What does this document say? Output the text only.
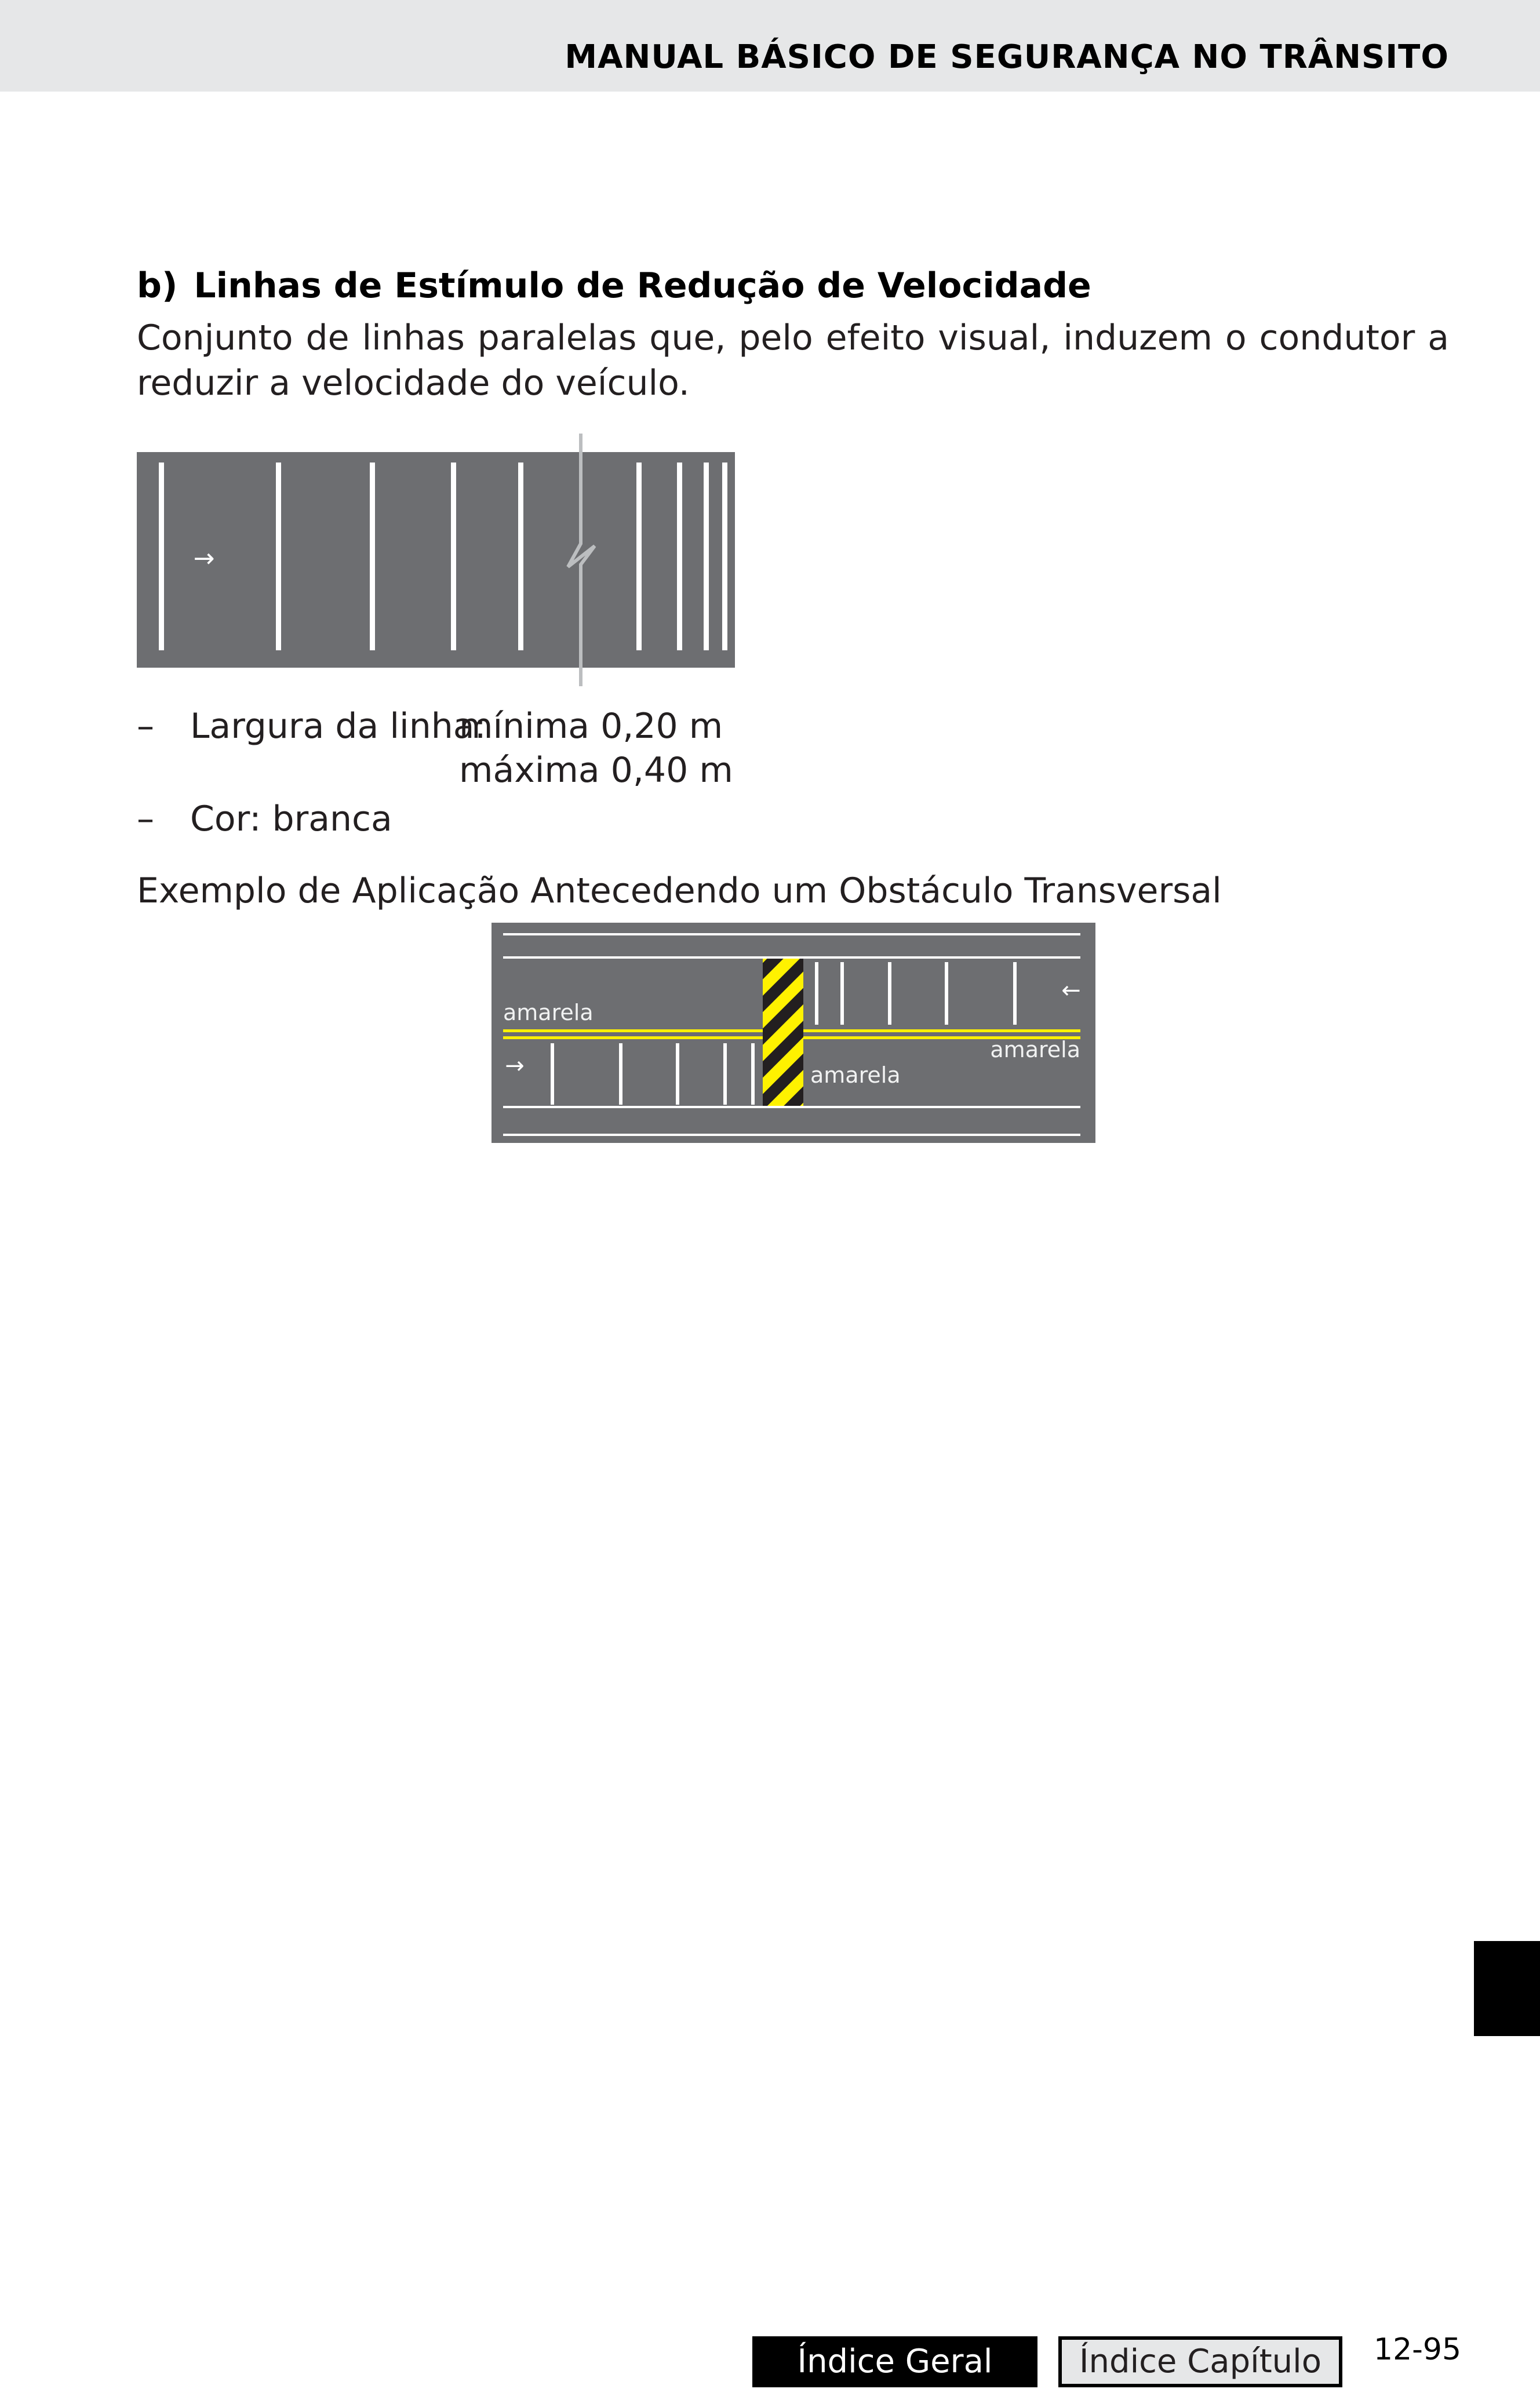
MANUAL BÁSICO DE SEGURANÇA NO TRÂNSITO
b) Linhas de Estímulo de Redução de Velocidade

Conjunto de linhas paralelas que, pelo efeito visual, induzem o condutor a reduzir a velocidade do veículo.

→
– Largura da linha:
mínima 0,20 m
máxima 0,40 m
– Cor: branca
Exemplo de Aplicação Antecedendo um Obstáculo Transversal
→
←
amarela
amarela
amarela
Índice Geral	Índice Capítulo	12-95
